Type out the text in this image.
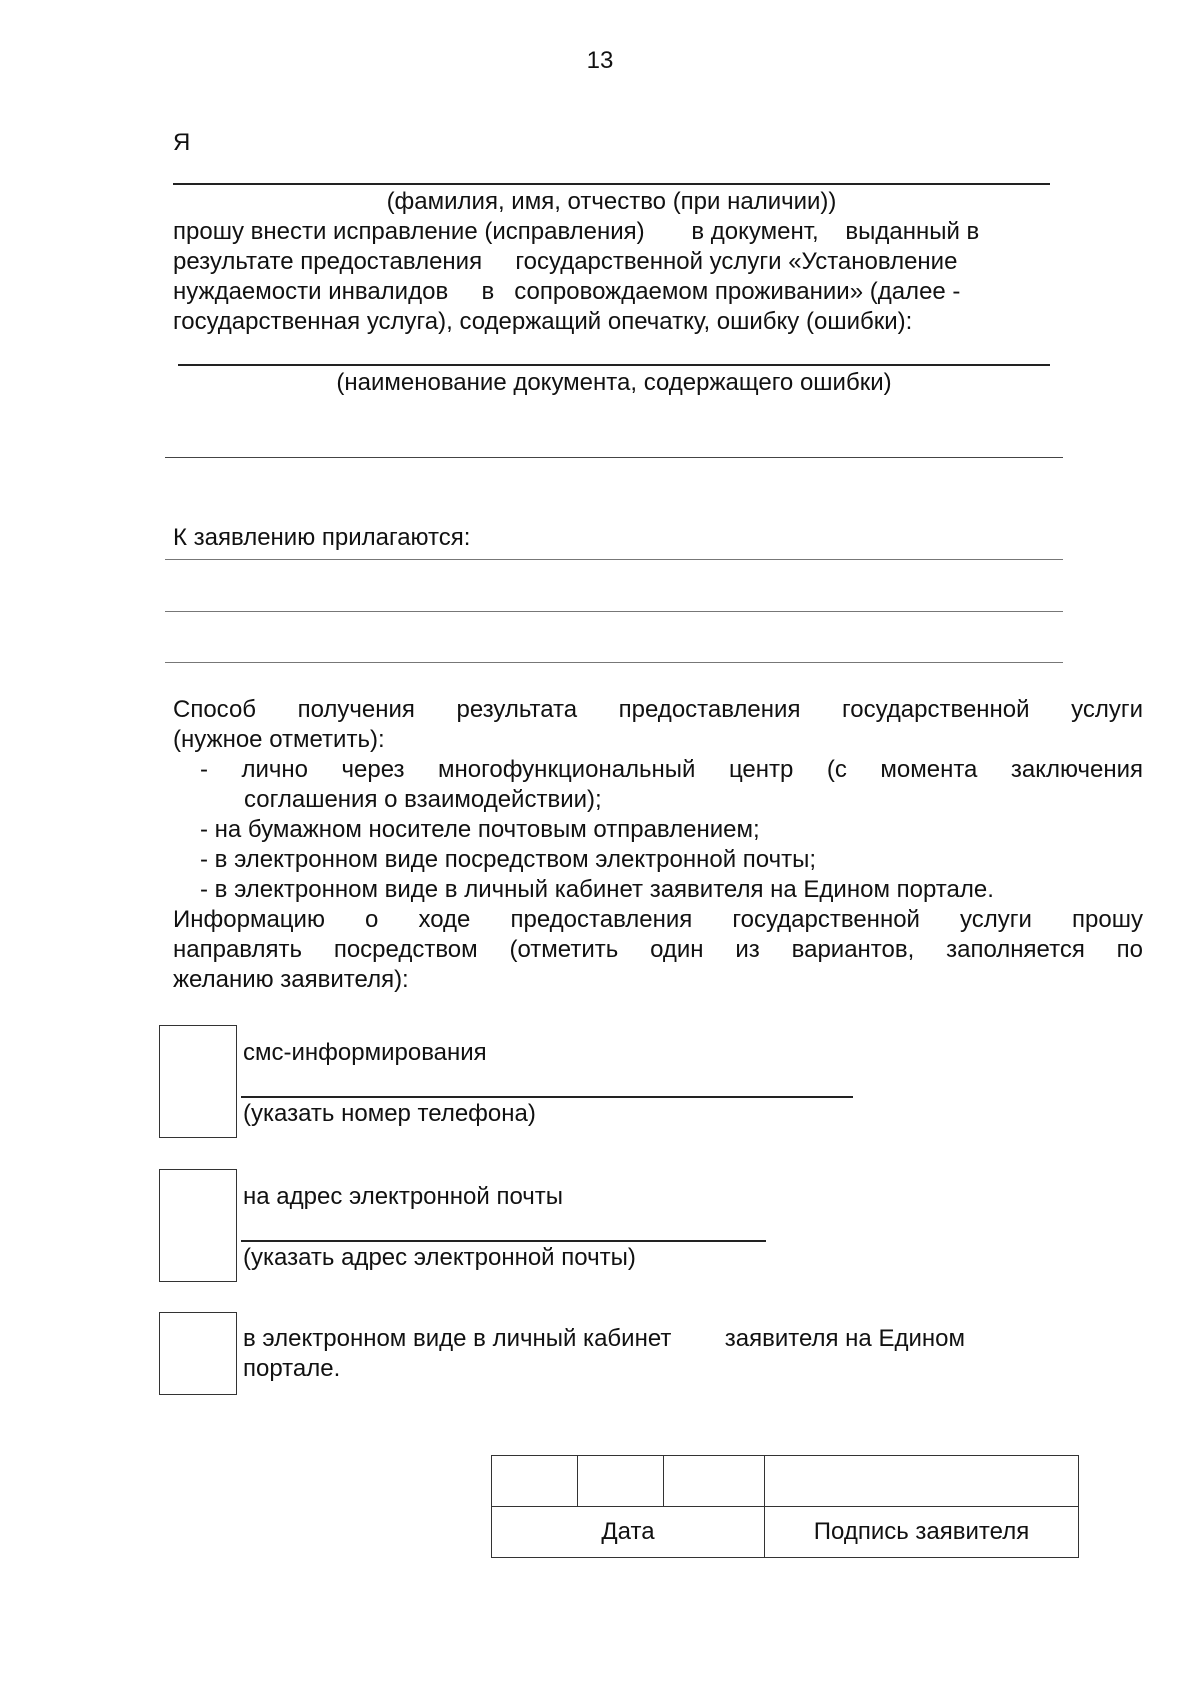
13
Я
(фамилия, имя, отчество (при наличии))
прошу внести исправление (исправления)       в документ,    выданный в
результате предоставления     государственной услуги «Установление
нуждаемости инвалидов     в   сопровождаемом проживании» (далее -
государственная услуга), содержащий опечатку, ошибку (ошибки):
(наименование документа, содержащего ошибки)
К заявлению прилагаются:
Способ получения результата предоставления государственной услуги
(нужное отметить):
- лично через многофункциональный центр (с момента заключения
соглашения о взаимодействии);
- на бумажном носителе почтовым отправлением;
- в электронном виде посредством электронной почты;
- в электронном виде в личный кабинет заявителя на Едином портале.
Информацию о ходе предоставления государственной услуги прошу
направлять посредством (отметить один из вариантов, заполняется по
желанию заявителя):
смс-информирования
(указать номер телефона)
на адрес электронной почты
(указать адрес электронной почты)
в электронном виде в личный кабинет        заявителя на Едином
портале.

Дата			Подпись заявителя
